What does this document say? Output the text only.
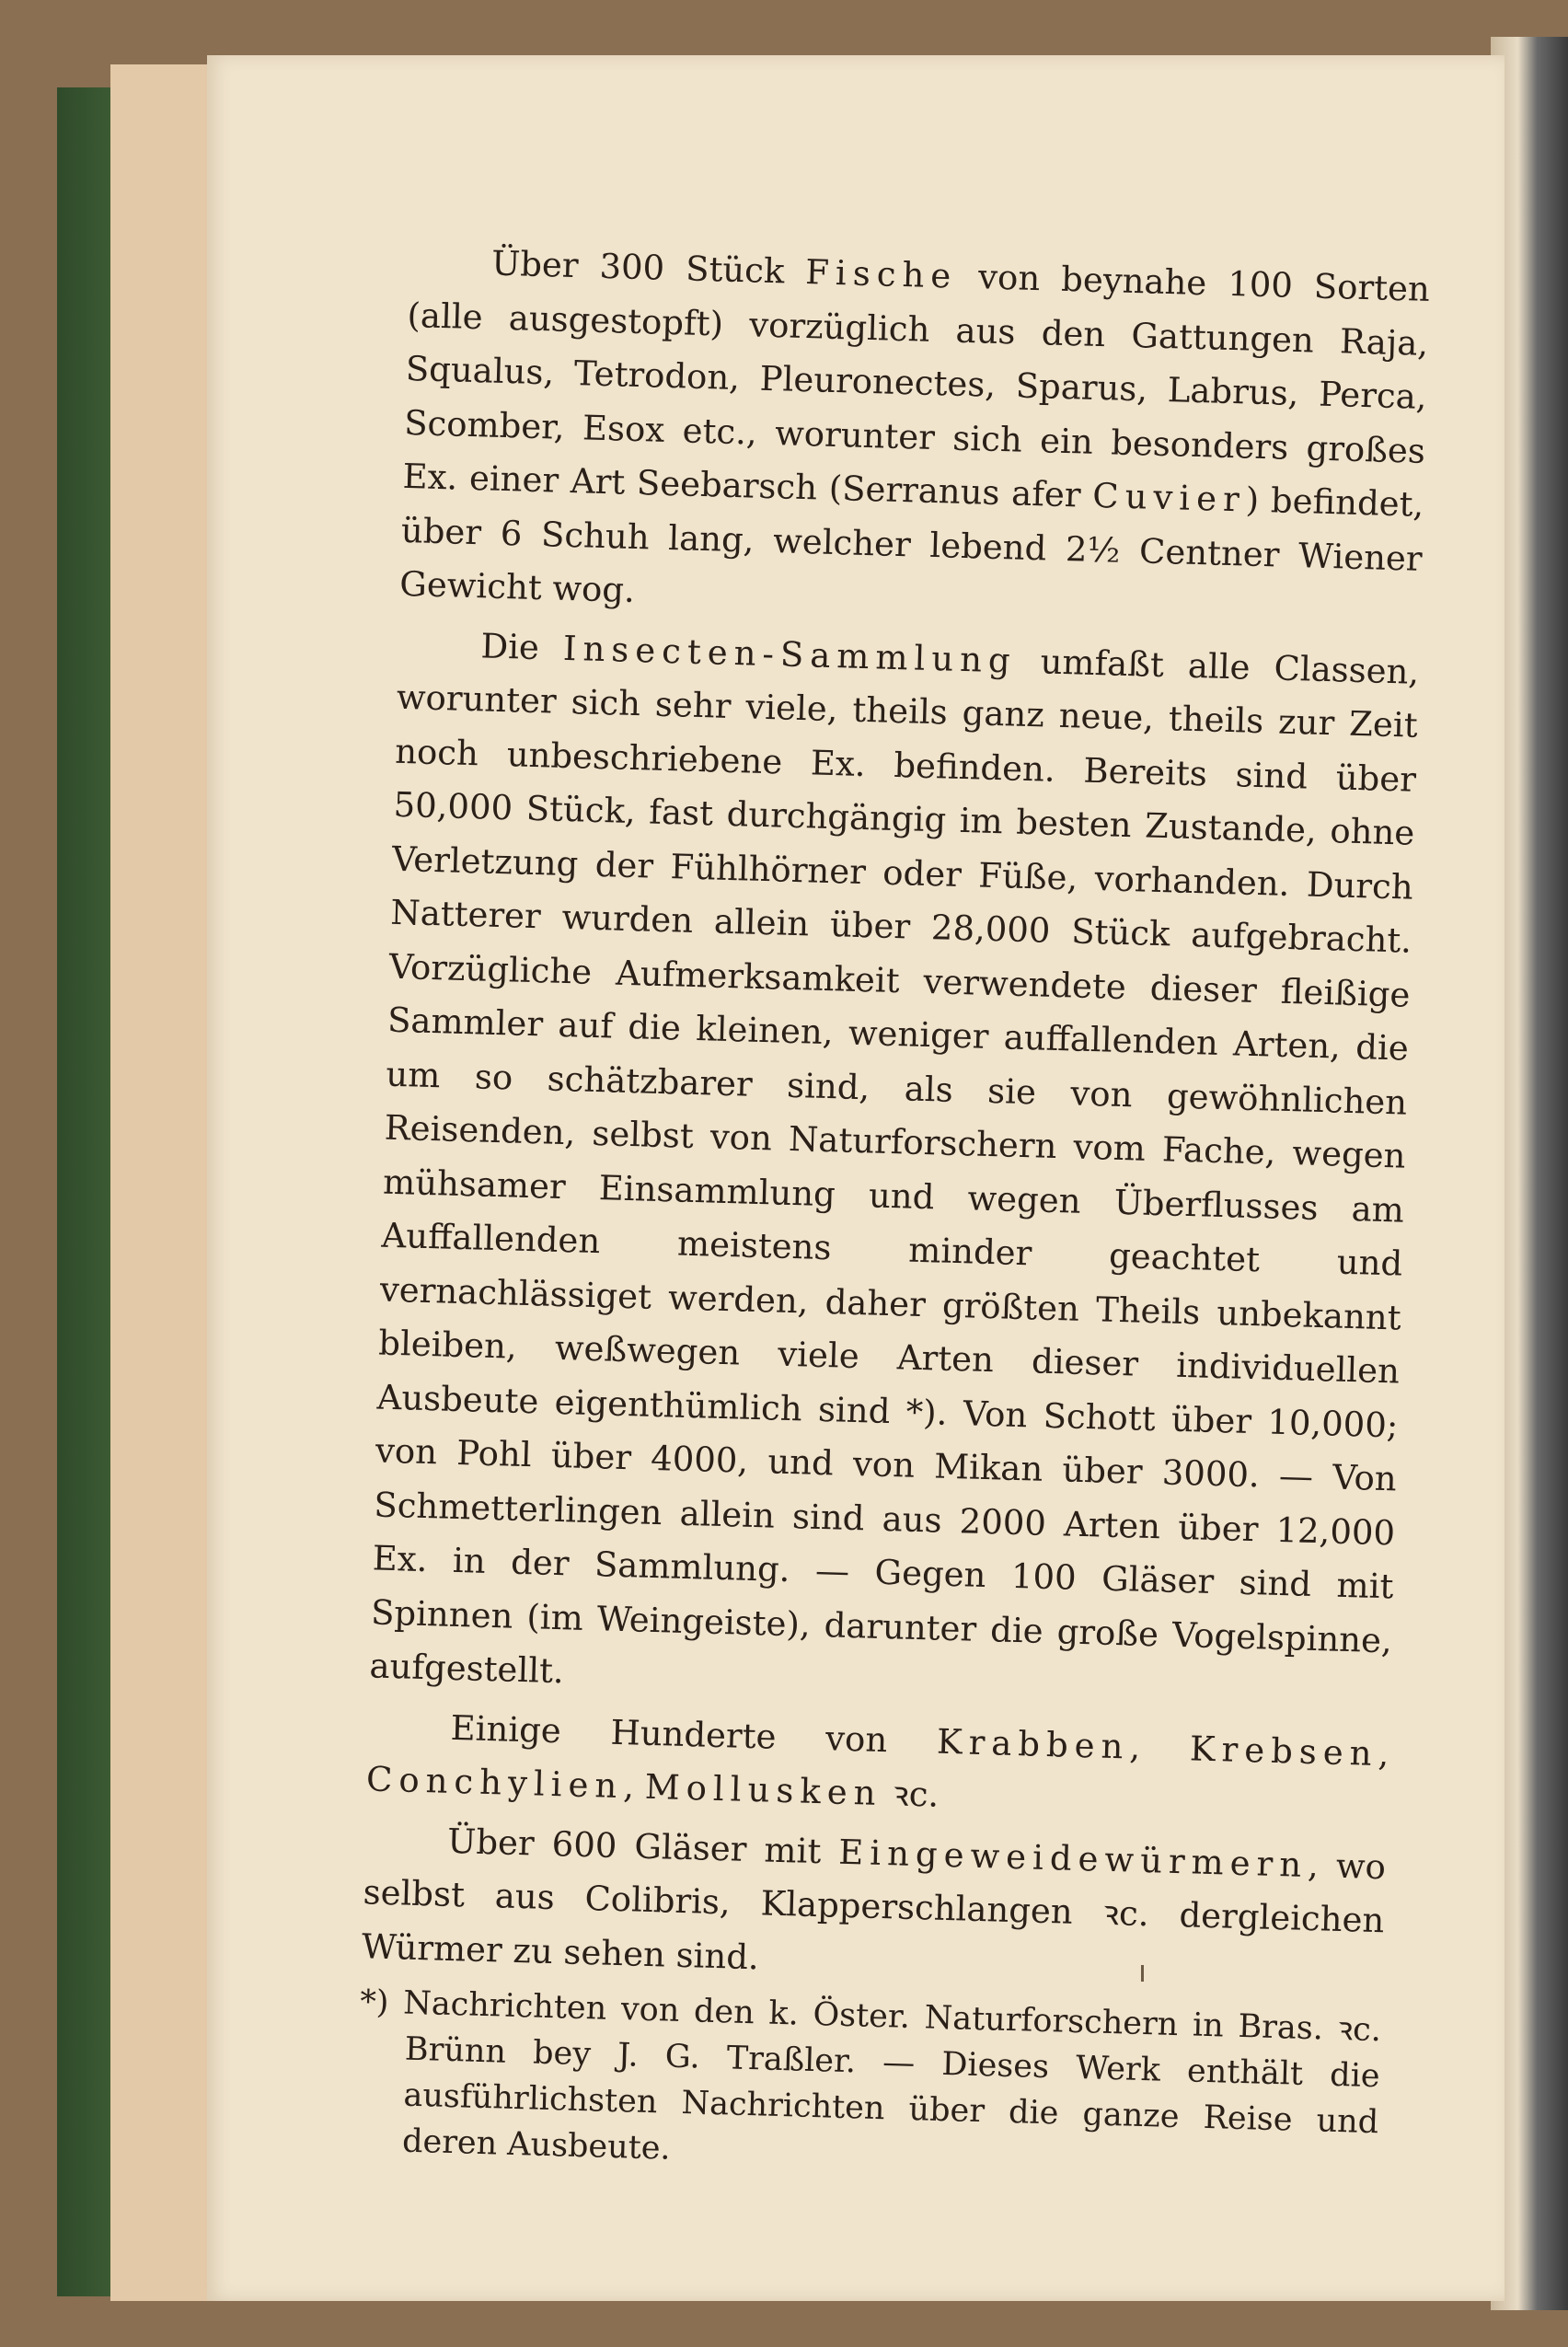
Über 300 Stück Fische von beynahe 100 Sorten (alle ausgestopft) vorzüglich aus den Gattungen Raja, Squalus, Tetrodon, Pleuronectes, Sparus, Labrus, Perca, Scomber, Esox etc., worunter sich ein besonders großes Ex. einer Art Seebarsch (Serranus afer Cuvier) befindet, über 6 Schuh lang, welcher lebend 2½ Centner Wiener Gewicht wog.

Die Insecten-Sammlung umfaßt alle Classen, worunter sich sehr viele, theils ganz neue, theils zur Zeit noch unbeschriebene Ex. befinden. Bereits sind über 50,000 Stück, fast durchgängig im besten Zustande, ohne Verletzung der Fühlhörner oder Füße, vorhanden. Durch Natterer wurden allein über 28,000 Stück aufgebracht. Vorzügliche Aufmerksamkeit verwendete dieser fleißige Sammler auf die kleinen, weniger auffallenden Arten, die um so schätzbarer sind, als sie von gewöhnlichen Reisenden, selbst von Naturforschern vom Fache, wegen mühsamer Einsammlung und wegen Überflusses am Auffallenden meistens minder geachtet und vernachlässiget werden, daher größten Theils unbekannt bleiben, weßwegen viele Arten dieser individuellen Ausbeute eigenthümlich sind *). Von Schott über 10,000; von Pohl über 4000, und von Mikan über 3000. — Von Schmetterlingen allein sind aus 2000 Arten über 12,000 Ex. in der Sammlung. — Gegen 100 Gläser sind mit Spinnen (im Weingeiste), darunter die große Vogelspinne, aufgestellt.

Einige Hunderte von Krabben, Krebsen, Conchylien, Mollusken ꝛc.

Über 600 Gläser mit Eingeweidewürmern, wo selbst aus Colibris, Klapperschlangen ꝛc. dergleichen Würmer zu sehen sind.

*) Nachrichten von den k. Öster. Naturforschern in Bras. ꝛc. Brünn bey J. G. Traßler. — Dieses Werk enthält die ausführlichsten Nachrichten über die ganze Reise und deren Ausbeute.
